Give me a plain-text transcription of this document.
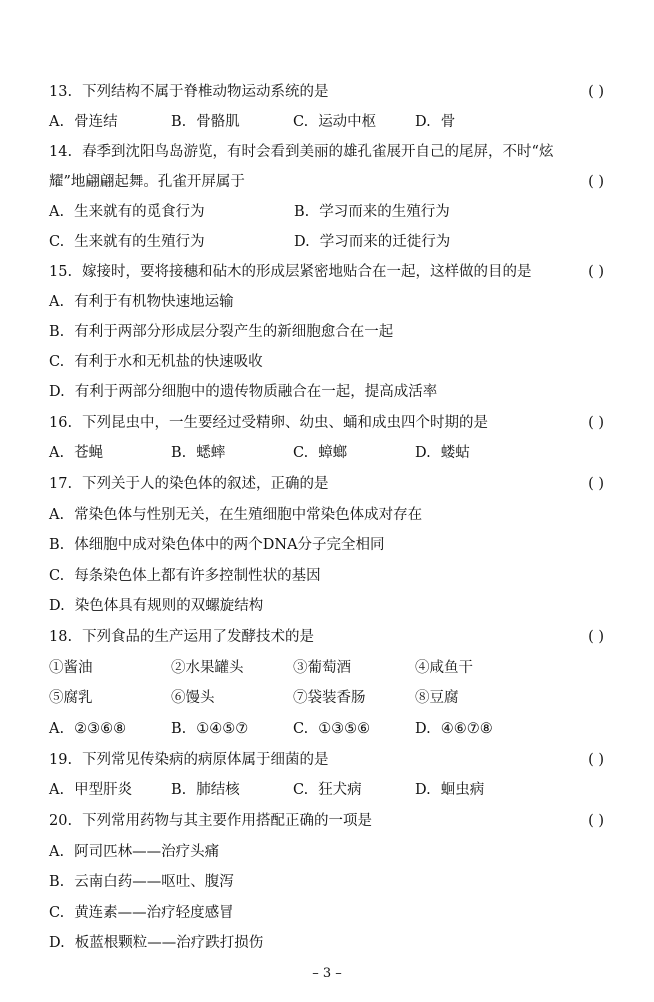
13. 下列结构不属于脊椎动物运动系统的是	( )
A. 骨连结	B. 骨骼肌	C. 运动中枢	D. 骨
14. 春季到沈阳鸟岛游览，有时会看到美丽的雄孔雀展开自己的尾屏，不时“炫
耀”地翩翩起舞。孔雀开屏属于	( )
A. 生来就有的觅食行为	B. 学习而来的生殖行为
C. 生来就有的生殖行为	D. 学习而来的迁徙行为
15. 嫁接时，要将接穗和砧木的形成层紧密地贴合在一起，这样做的目的是	( )
A. 有利于有机物快速地运输
B. 有利于两部分形成层分裂产生的新细胞愈合在一起
C. 有利于水和无机盐的快速吸收
D. 有利于两部分细胞中的遗传物质融合在一起，提高成活率
16. 下列昆虫中，一生要经过受精卵、幼虫、蛹和成虫四个时期的是	( )
A. 苍蝇	B. 蟋蟀	C. 蟑螂	D. 蝼蛄
17. 下列关于人的染色体的叙述，正确的是	( )
A. 常染色体与性别无关，在生殖细胞中常染色体成对存在
B. 体细胞中成对染色体中的两个DNA分子完全相同
C. 每条染色体上都有许多控制性状的基因
D. 染色体具有规则的双螺旋结构
18. 下列食品的生产运用了发酵技术的是	( )
①酱油	②水果罐头	③葡萄酒	④咸鱼干
⑤腐乳	⑥馒头	⑦袋装香肠	⑧豆腐
A. ②③⑥⑧	B. ①④⑤⑦	C. ①③⑤⑥	D. ④⑥⑦⑧
19. 下列常见传染病的病原体属于细菌的是	( )
A. 甲型肝炎	B. 肺结核	C. 狂犬病	D. 蛔虫病
20. 下列常用药物与其主要作用搭配正确的一项是	( )
A. 阿司匹林——治疗头痛
B. 云南白药——呕吐、腹泻
C. 黄连素——治疗轻度感冒
D. 板蓝根颗粒——治疗跌打损伤
– 3 –
